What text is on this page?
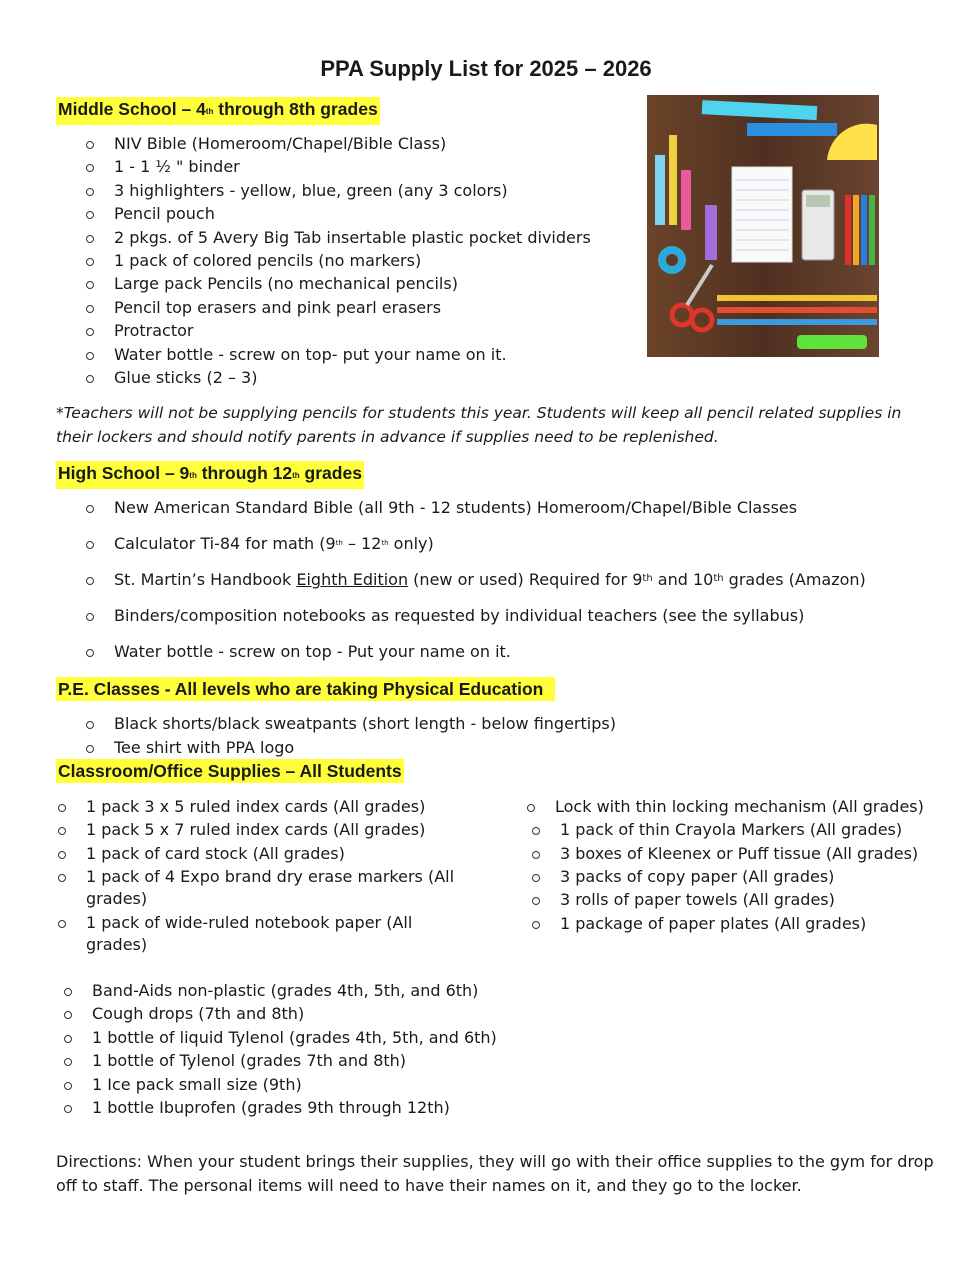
PPA Supply List for 2025 – 2026
Middle School – 4th through 8th grades
NIV Bible (Homeroom/Chapel/Bible Class)
1 - 1 ½ " binder
3 highlighters - yellow, blue, green (any 3 colors)
Pencil pouch
2 pkgs. of 5 Avery Big Tab insertable plastic pocket dividers
1 pack of colored pencils (no markers)
Large pack Pencils (no mechanical pencils)
Pencil top erasers and pink pearl erasers
Protractor
Water bottle - screw on top- put your name on it.
Glue sticks (2 – 3)
*Teachers will not be supplying pencils for students this year. Students will keep all pencil related supplies in their lockers and should notify parents in advance if supplies need to be replenished.
High School – 9th through 12th grades
New American Standard Bible (all 9th - 12 students) Homeroom/Chapel/Bible Classes
Calculator Ti-84 for math (9th – 12th only)
St. Martin’s Handbook Eighth Edition (new or used) Required for 9th and 10th grades (Amazon)
Binders/composition notebooks as requested by individual teachers (see the syllabus)
Water bottle - screw on top - Put your name on it.
P.E. Classes - All levels who are taking Physical Education
Black shorts/black sweatpants (short length - below fingertips)
Tee shirt with PPA logo
Classroom/Office Supplies – All Students
1 pack 3 x 5 ruled index cards (All grades)
1 pack 5 x 7 ruled index cards (All grades)
1 pack of card stock (All grades)
1 pack of 4 Expo brand dry erase markers (All grades)
1 pack of wide-ruled notebook paper (All grades)
Lock with thin locking mechanism (All grades)
1 pack of thin Crayola Markers (All grades)
3 boxes of Kleenex or Puff tissue (All grades)
3 packs of copy paper (All grades)
3 rolls of paper towels (All grades)
1 package of paper plates (All grades)
Band-Aids non-plastic (grades 4th, 5th, and 6th)
Cough drops (7th and 8th)
1 bottle of liquid Tylenol (grades 4th, 5th, and 6th)
1 bottle of Tylenol (grades 7th and 8th)
1 Ice pack small size (9th)
1 bottle Ibuprofen (grades 9th through 12th)
Directions: When your student brings their supplies, they will go with their office supplies to the gym for drop off to staff. The personal items will need to have their names on it, and they go to the locker.
